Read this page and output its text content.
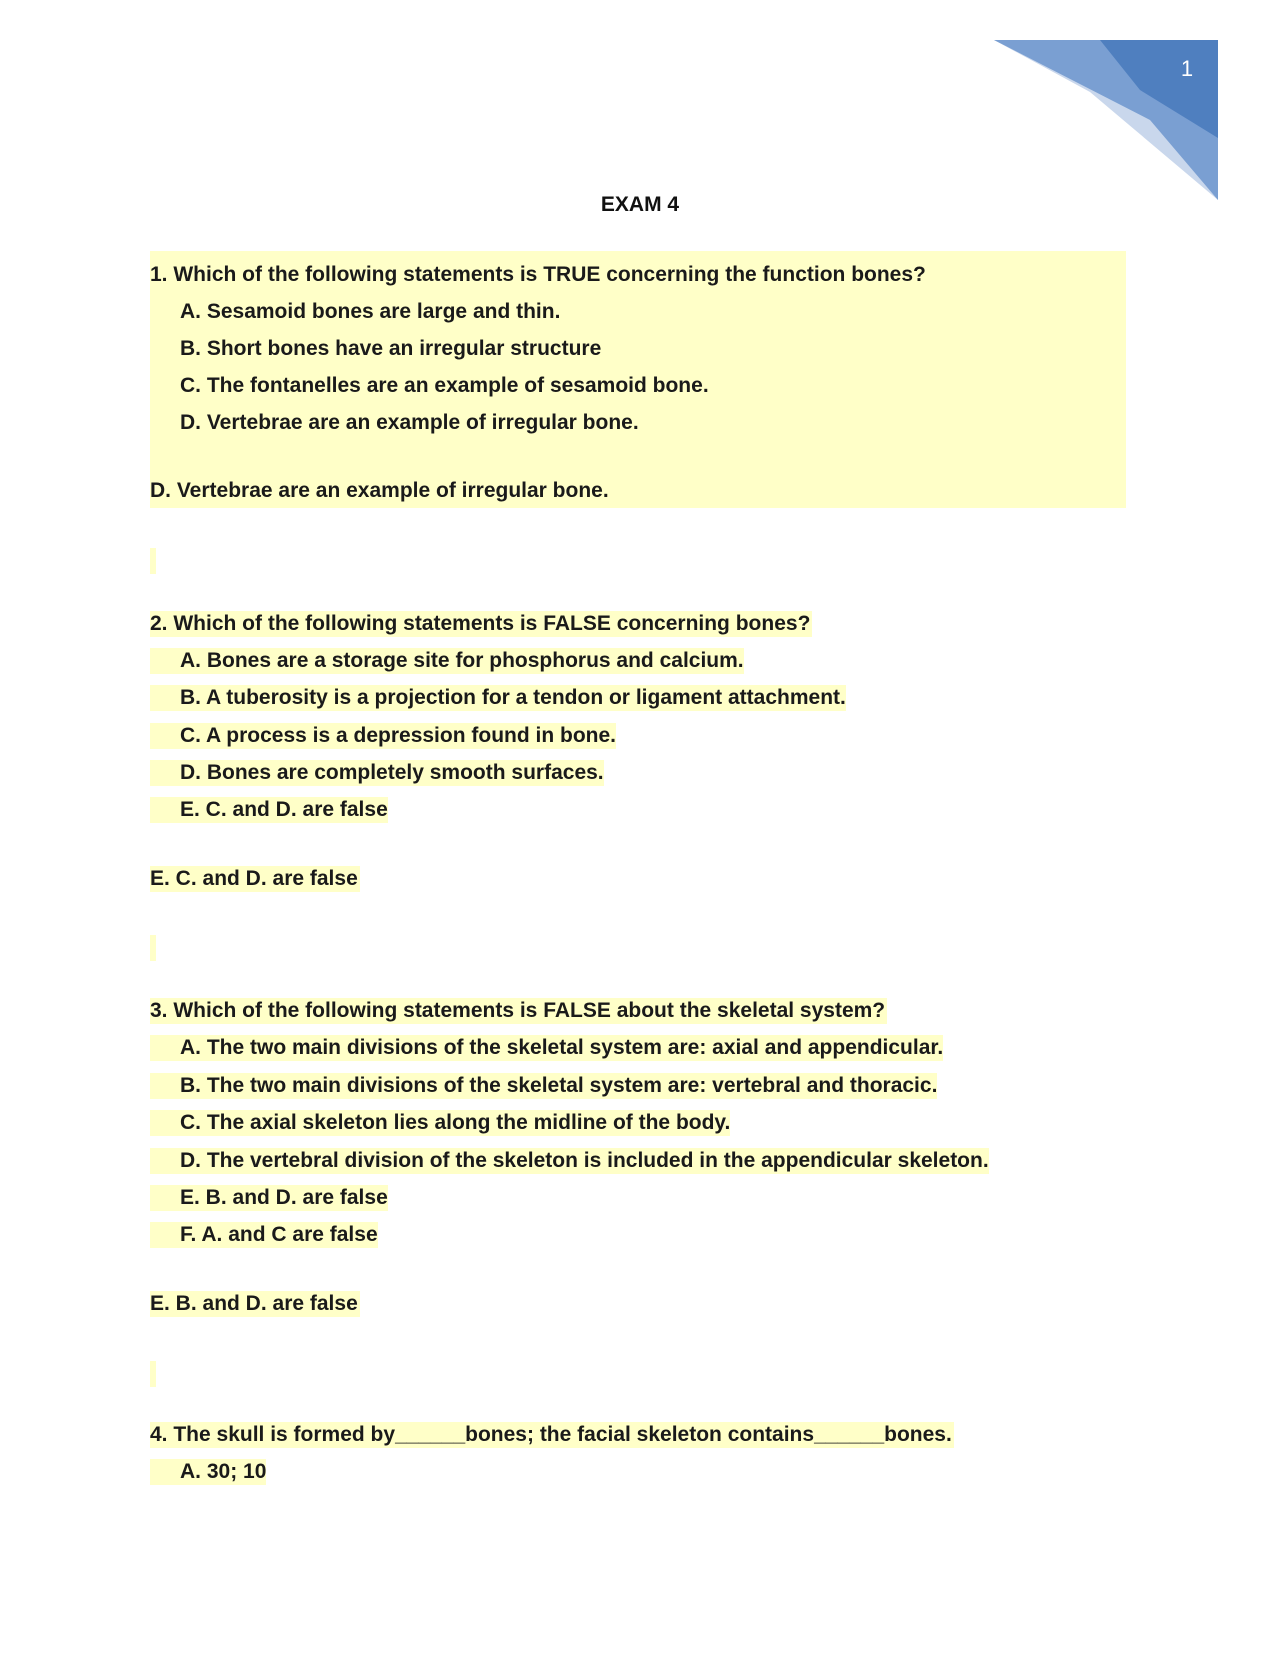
1
EXAM 4
1. Which of the following statements is TRUE concerning the function bones?
A. Sesamoid bones are large and thin.
B. Short bones have an irregular structure
C. The fontanelles are an example of sesamoid bone.
D. Vertebrae are an example of irregular bone.
D. Vertebrae are an example of irregular bone.
2. Which of the following statements is FALSE concerning bones?
A. Bones are a storage site for phosphorus and calcium.
B. A tuberosity is a projection for a tendon or ligament attachment.
C. A process is a depression found in bone.
D. Bones are completely smooth surfaces.
E. C. and D. are false
E. C. and D. are false
3. Which of the following statements is FALSE about the skeletal system?
A. The two main divisions of the skeletal system are: axial and appendicular.
B. The two main divisions of the skeletal system are: vertebral and thoracic.
C. The axial skeleton lies along the midline of the body.
D. The vertebral division of the skeleton is included in the appendicular skeleton.
E. B. and D. are false
F. A. and C are false
E. B. and D. are false
4. The skull is formed by______bones; the facial skeleton contains______bones.
A. 30; 10
